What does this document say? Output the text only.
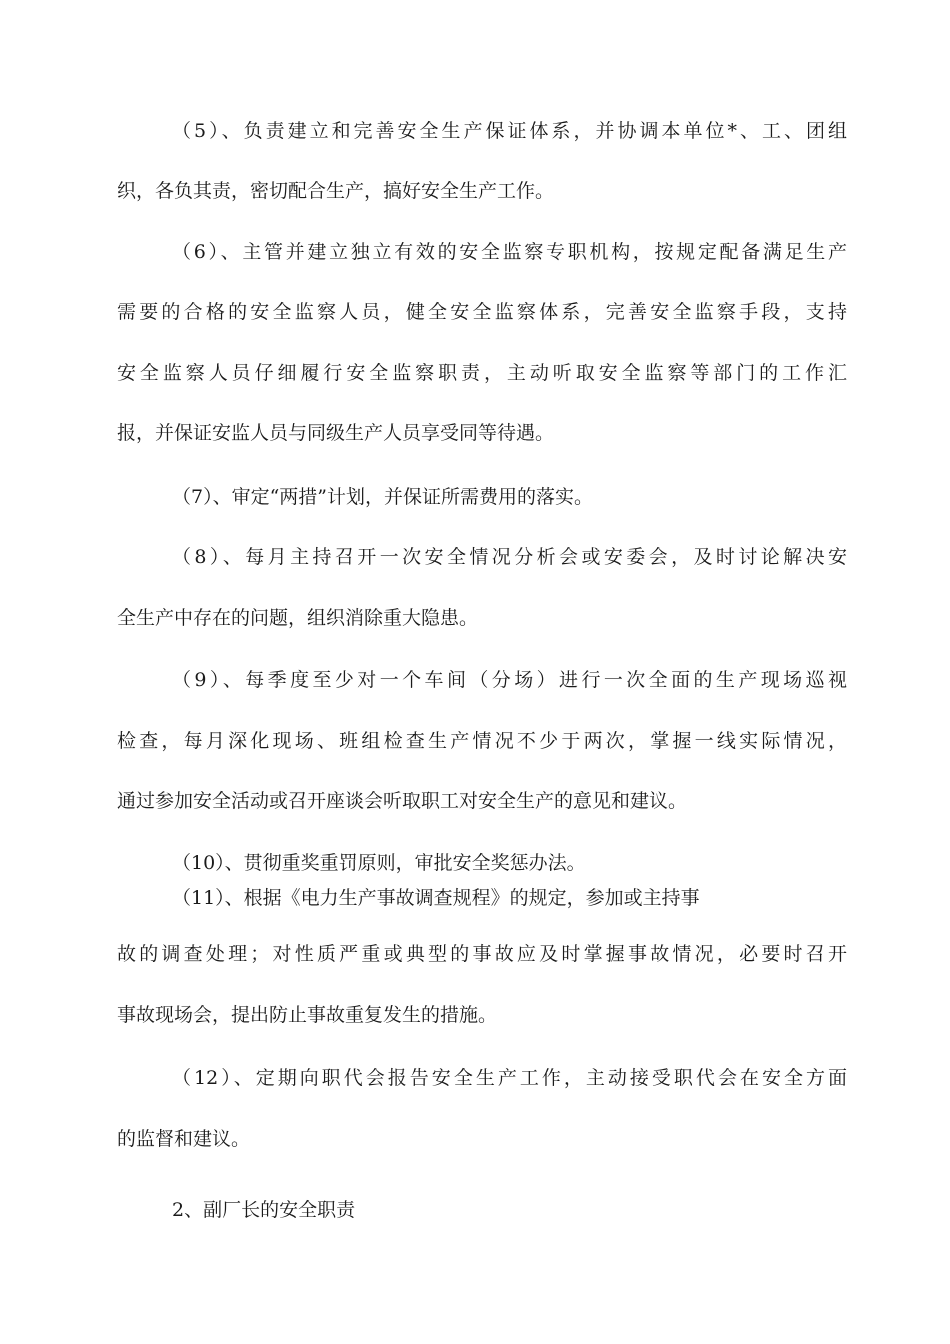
（5）、负责建立和完善安全生产保证体系，并协调本单位*、工、团组
织，各负其责，密切配合生产，搞好安全生产工作。
（6）、主管并建立独立有效的安全监察专职机构，按规定配备满足生产
需要的合格的安全监察人员，健全安全监察体系，完善安全监察手段，支持
安全监察人员仔细履行安全监察职责，主动听取安全监察等部门的工作汇
报，并保证安监人员与同级生产人员享受同等待遇。
（7）、审定“两措”计划，并保证所需费用的落实。
（8）、每月主持召开一次安全情况分析会或安委会，及时讨论解决安
全生产中存在的问题，组织消除重大隐患。
（9）、每季度至少对一个车间（分场）进行一次全面的生产现场巡视
检查，每月深化现场、班组检查生产情况不少于两次，掌握一线实际情况，
通过参加安全活动或召开座谈会听取职工对安全生产的意见和建议。
（10）、贯彻重奖重罚原则，审批安全奖惩办法。
（11）、根据《电力生产事故调查规程》的规定，参加或主持事
故的调查处理；对性质严重或典型的事故应及时掌握事故情况，必要时召开
事故现场会，提出防止事故重复发生的措施。
（12）、定期向职代会报告安全生产工作，主动接受职代会在安全方面
的监督和建议。
2、副厂长的安全职责
